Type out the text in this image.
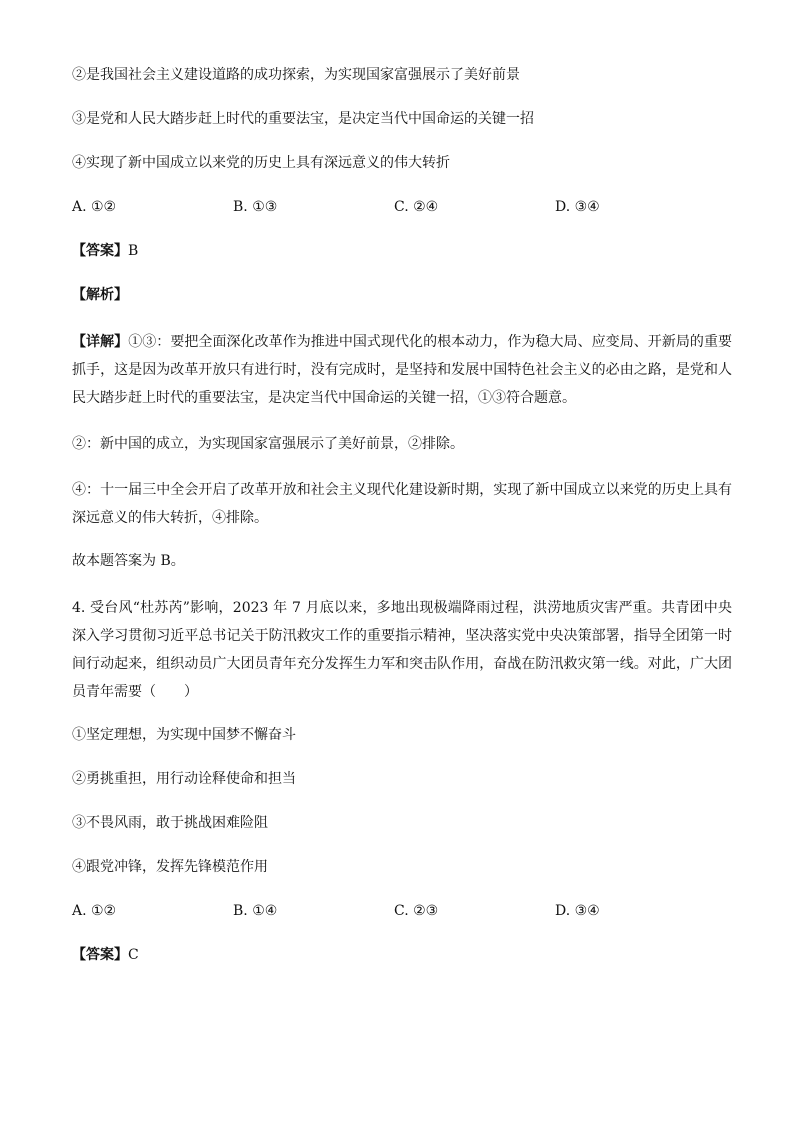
②是我国社会主义建设道路的成功探索，为实现国家富强展示了美好前景

③是党和人民大踏步赶上时代的重要法宝，是决定当代中国命运的关键一招

④实现了新中国成立以来党的历史上具有深远意义的伟大转折

A. ①②	B. ①③	C. ②④	D. ③④

【答案】B

【解析】

【详解】①③：要把全面深化改革作为推进中国式现代化的根本动力，作为稳大局、应变局、开新局的重要抓手，这是因为改革开放只有进行时，没有完成时，是坚持和发展中国特色社会主义的必由之路，是党和人民大踏步赶上时代的重要法宝，是决定当代中国命运的关键一招，①③符合题意。

②：新中国的成立，为实现国家富强展示了美好前景，②排除。

④：十一届三中全会开启了改革开放和社会主义现代化建设新时期，实现了新中国成立以来党的历史上具有深远意义的伟大转折，④排除。

故本题答案为 B。

4. 受台风“杜苏芮”影响，2023 年 7 月底以来，多地出现极端降雨过程，洪涝地质灾害严重。共青团中央深入学习贯彻习近平总书记关于防汛救灾工作的重要指示精神，坚决落实党中央决策部署，指导全团第一时间行动起来，组织动员广大团员青年充分发挥生力军和突击队作用，奋战在防汛救灾第一线。对此，广大团员青年需要（　　）

①坚定理想，为实现中国梦不懈奋斗

②勇挑重担，用行动诠释使命和担当

③不畏风雨，敢于挑战困难险阻

④跟党冲锋，发挥先锋模范作用

A. ①②	B. ①④	C. ②③	D. ③④

【答案】C
